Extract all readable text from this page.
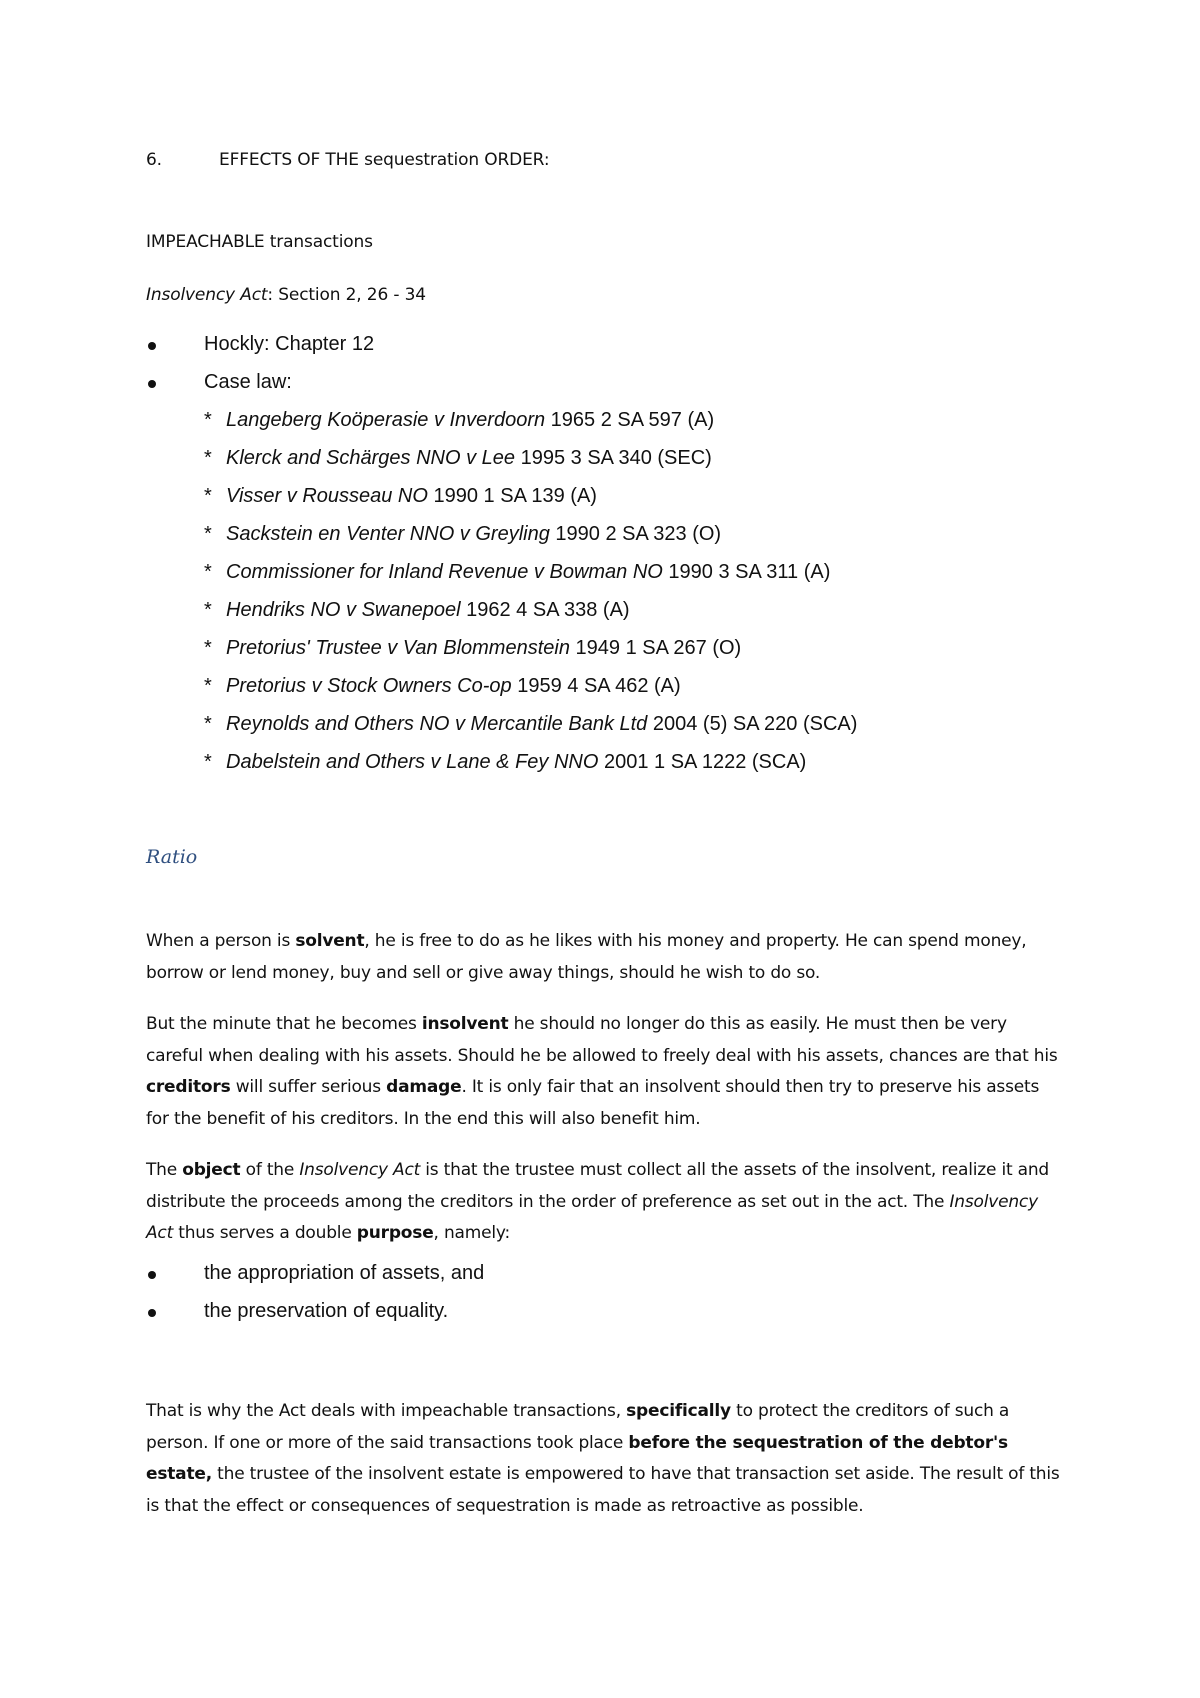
6.	EFFECTS OF THE sequestration ORDER:
IMPEACHABLE transactions
Insolvency Act: Section 2, 26 - 34
Hockly: Chapter 12
Case law:
* Langeberg Koöperasie v Inverdoorn 1965 2 SA 597 (A)
* Klerck and Schärges NNO v Lee 1995 3 SA 340 (SEC)
* Visser v Rousseau NO 1990 1 SA 139 (A)
* Sackstein en Venter NNO v Greyling 1990 2 SA 323 (O)
* Commissioner for Inland Revenue v Bowman NO 1990 3 SA 311 (A)
* Hendriks NO v Swanepoel 1962 4 SA 338 (A)
* Pretorius' Trustee v Van Blommenstein 1949 1 SA 267 (O)
* Pretorius v Stock Owners Co-op 1959 4 SA 462 (A)
* Reynolds and Others NO v Mercantile Bank Ltd 2004 (5) SA 220 (SCA)
* Dabelstein and Others v Lane & Fey NNO 2001 1 SA 1222 (SCA)
Ratio
When a person is solvent, he is free to do as he likes with his money and property. He can spend money, borrow or lend money, buy and sell or give away things, should he wish to do so.
But the minute that he becomes insolvent he should no longer do this as easily. He must then be very careful when dealing with his assets. Should he be allowed to freely deal with his assets, chances are that his creditors will suffer serious damage. It is only fair that an insolvent should then try to preserve his assets for the benefit of his creditors. In the end this will also benefit him.
The object of the Insolvency Act is that the trustee must collect all the assets of the insolvent, realize it and distribute the proceeds among the creditors in the order of preference as set out in the act. The Insolvency Act thus serves a double purpose, namely:
the appropriation of assets, and
the preservation of equality.
That is why the Act deals with impeachable transactions, specifically to protect the creditors of such a person. If one or more of the said transactions took place before the sequestration of the debtor's estate, the trustee of the insolvent estate is empowered to have that transaction set aside. The result of this is that the effect or consequences of sequestration is made as retroactive as possible.
